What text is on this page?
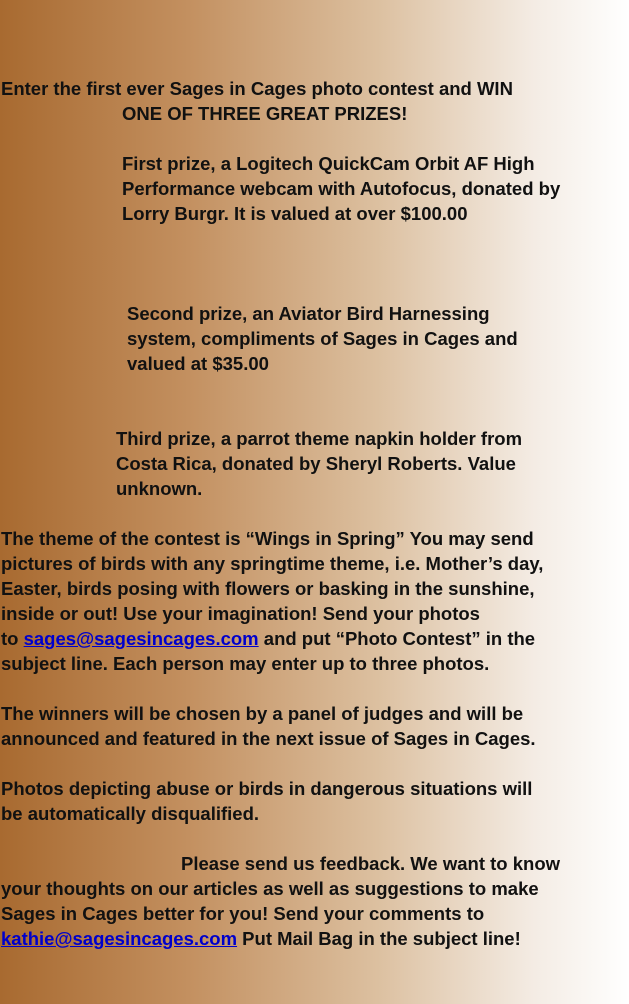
Enter the first ever Sages in Cages photo contest and WIN
ONE OF THREE GREAT PRIZES!
First prize, a Logitech QuickCam Orbit AF High
Performance webcam with Autofocus, donated by
Lorry Burgr. It is valued at over $100.00
Second prize, an Aviator Bird Harnessing
system, compliments of Sages in Cages and
valued at $35.00
Third prize, a parrot theme napkin holder from
Costa Rica, donated by Sheryl Roberts. Value
unknown.
The theme of the contest is “Wings in Spring” You may send
pictures of birds with any springtime theme, i.e. Mother’s day,
Easter, birds posing with flowers or basking in the sunshine,
inside or out! Use your imagination! Send your photos
to sages@sagesincages.com and put “Photo Contest” in the
subject line. Each person may enter up to three photos.
The winners will be chosen by a panel of judges and will be
announced and featured in the next issue of Sages in Cages.
Photos depicting abuse or birds in dangerous situations will
be automatically disqualified.
Please send us feedback. We want to know
your thoughts on our articles as well as suggestions to make
Sages in Cages better for you! Send your comments to
kathie@sagesincages.com Put Mail Bag in the subject line!
